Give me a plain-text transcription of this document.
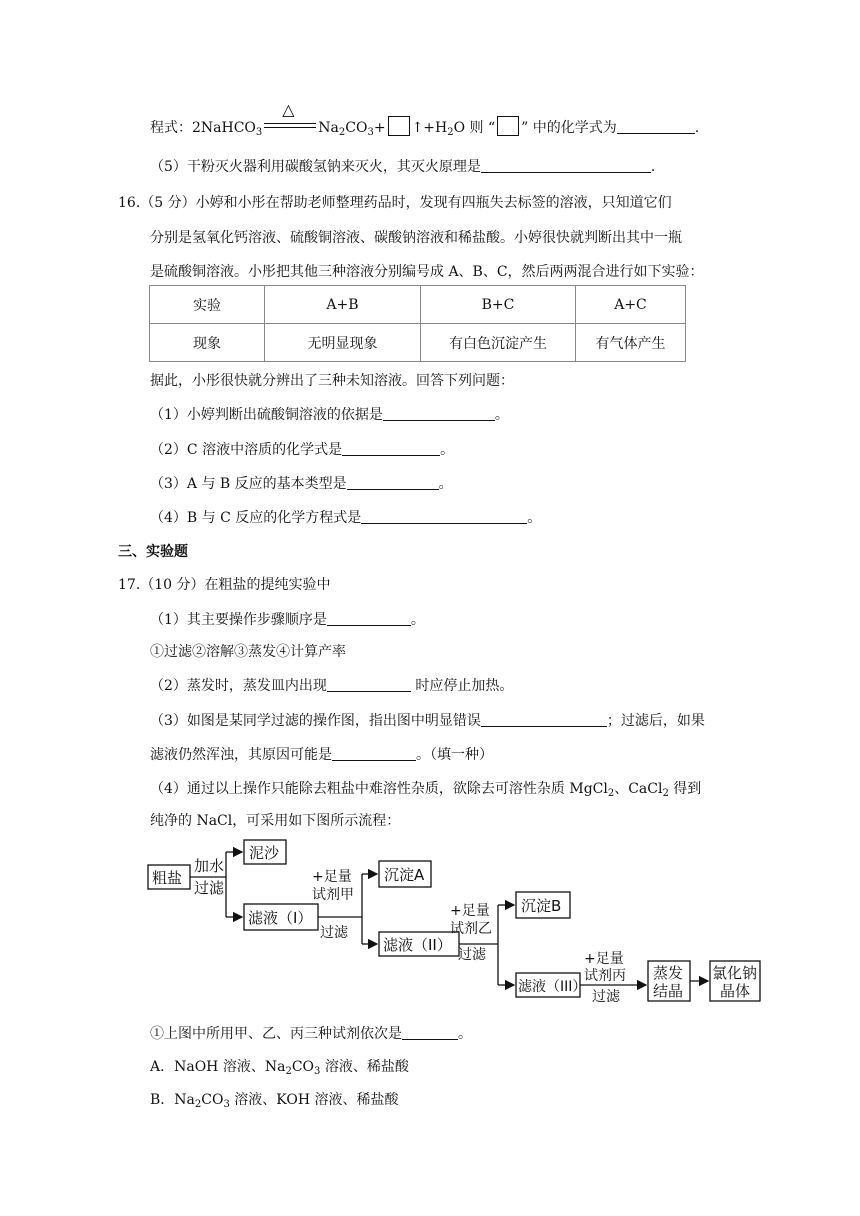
程式：2NaHCO$_3$
△
$Na_2CO_3+$ $↑+H_2O$ 则 “ ” 中的化学式为	.
（5）干粉灭火器利用碳酸氢钠来灭火，其灭火原理是	.
16.（5 分）小婷和小彤在帮助老师整理药品时，发现有四瓶失去标签的溶液，只知道它们
分别是氢氧化钙溶液、硫酸铜溶液、碳酸钠溶液和稀盐酸。小婷很快就判断出其中一瓶
是硫酸铜溶液。小彤把其他三种溶液分别编号成 A、B、C，然后两两混合进行如下实验：
实验	A+B	B+C	A+C
现象	无明显现象	有白色沉淀产生	有气体产生
据此，小彤很快就分辨出了三种未知溶液。回答下列问题：
（1）小婷判断出硫酸铜溶液的依据是	。
（2）C 溶液中溶质的化学式是	。
（3）A 与 B 反应的基本类型是	。
（4）B 与 C 反应的化学方程式是	。
三、实验题
17.（10 分）在粗盐的提纯实验中
（1）其主要操作步骤顺序是	。
①过滤②溶解③蒸发④计算产率
（2）蒸发时，蒸发皿内出现	时应停止加热。
（3）如图是某同学过滤的操作图，指出图中明显错误	；过滤后，如果
滤液仍然浑浊，其原因可能是	。（填一种）
（4）通过以上操作只能除去粗盐中难溶性杂质，欲除去可溶性杂质 MgCl$_2$、CaCl$_2$ 得到
纯净的 NaCl，可采用如下图所示流程：
粗盐
加水
过滤
泥沙
滤液（I）
+足量
试剂甲
过滤
沉淀A
滤液（II）
+足量
试剂乙
过滤
沉淀B
滤液（III）
+足量
试剂丙
过滤
蒸发
结晶
氯化钠
晶体
①上图中所用甲、乙、丙三种试剂依次是	。
A．NaOH 溶液、$Na_2CO_3$ 溶液、稀盐酸
B．$Na_2CO_3$ 溶液、KOH 溶液、稀盐酸
